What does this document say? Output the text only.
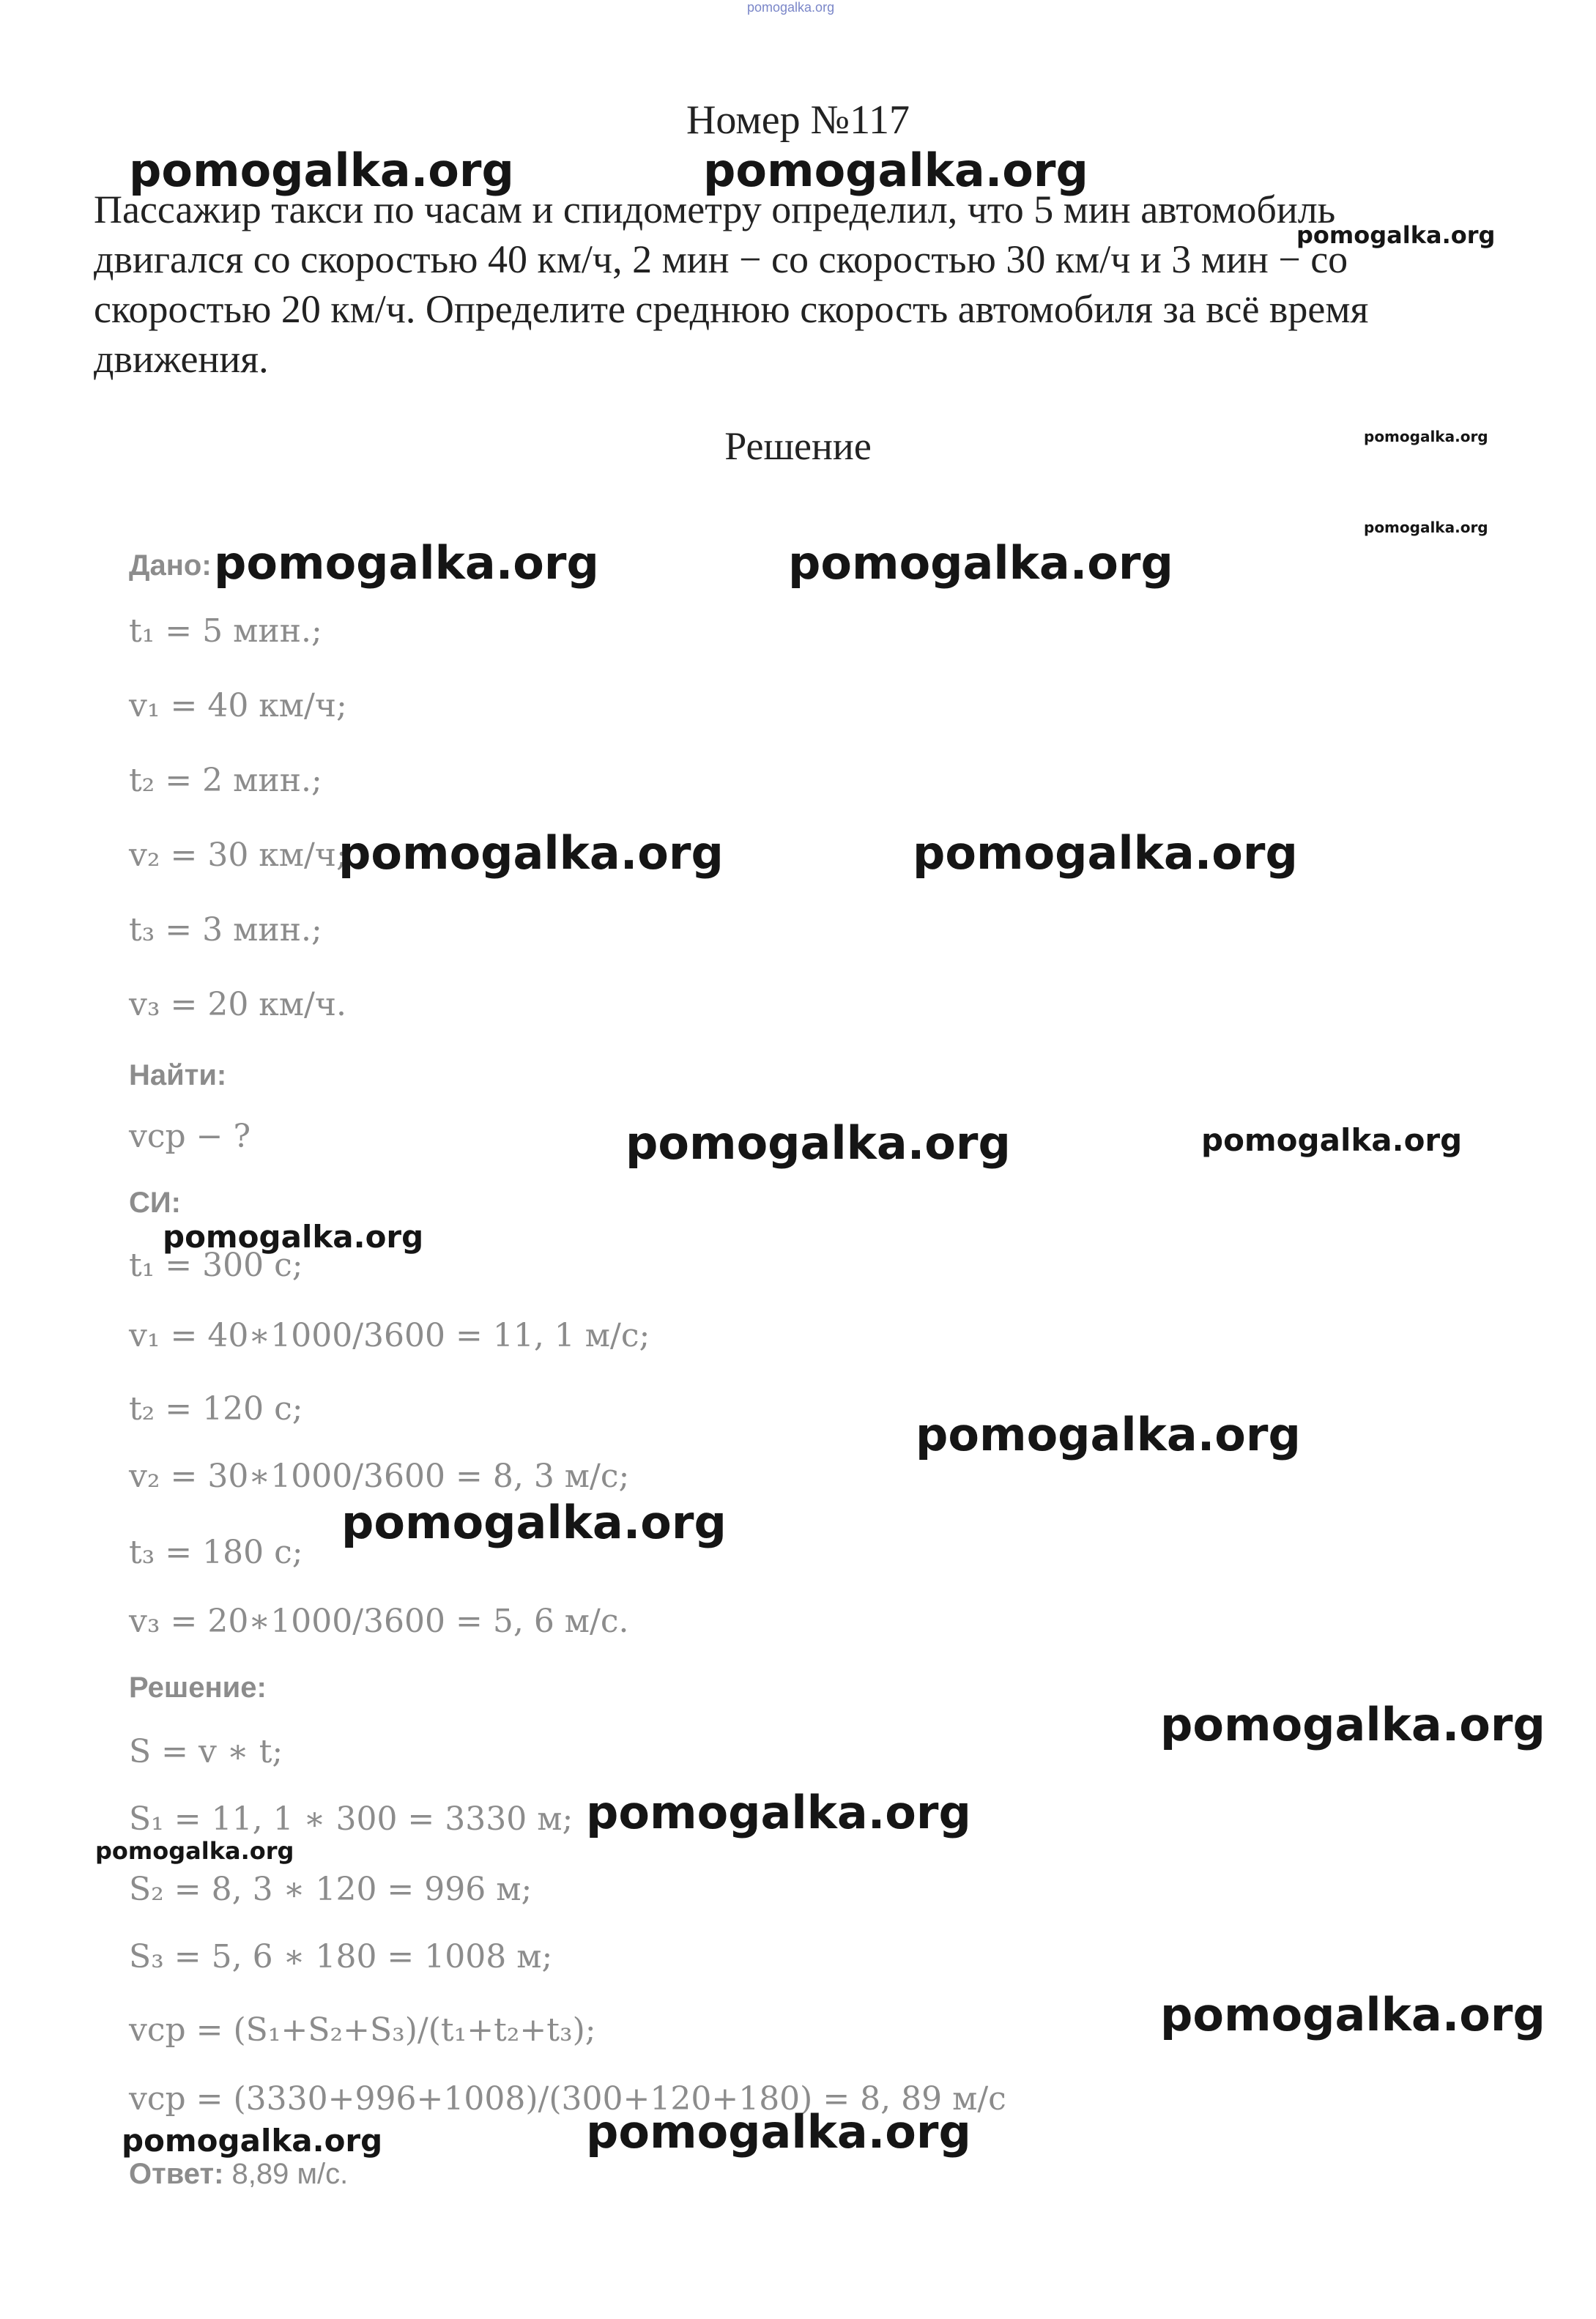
pomogalka.org
Номер №117

Пассажир такси по часам и спидометру определил, что 5 мин автомобиль

двигался со скоростью 40 км/ч, 2 мин − со скоростью 30 км/ч и 3 мин − со

скоростью 20 км/ч. Определите среднюю скорость автомобиля за всё время

движения.

Решение
Дано:
t₁ = 5 мин.;
v₁ = 40 км/ч;
t₂ = 2 мин.;
v₂ = 30 км/ч;
t₃ = 3 мин.;
v₃ = 20 км/ч.
Найти:
vср − ?
СИ:
t₁ = 300 с;
v₁ = 40∗1000/3600 = 11, 1 м/с;
t₂ = 120 с;
v₂ = 30∗1000/3600 = 8, 3 м/с;
t₃ = 180 с;
v₃ = 20∗1000/3600 = 5, 6 м/с.
Решение:
S = v ∗ t;
S₁ = 11, 1 ∗ 300 = 3330 м;
S₂ = 8, 3 ∗ 120 = 996 м;
S₃ = 5, 6 ∗ 180 = 1008 м;
vср = (S₁+S₂+S₃)/(t₁+t₂+t₃);
vср = (3330+996+1008)/(300+120+180) = 8, 89 м/с
Ответ: 8,89 м/с.
pomogalka.org	pomogalka.org
pomogalka.org
pomogalka.org
pomogalka.org
pomogalka.org	pomogalka.org
pomogalka.org	pomogalka.org
pomogalka.org	pomogalka.org
pomogalka.org
pomogalka.org
pomogalka.org
pomogalka.org
pomogalka.org
pomogalka.org
pomogalka.org
pomogalka.org
pomogalka.org
